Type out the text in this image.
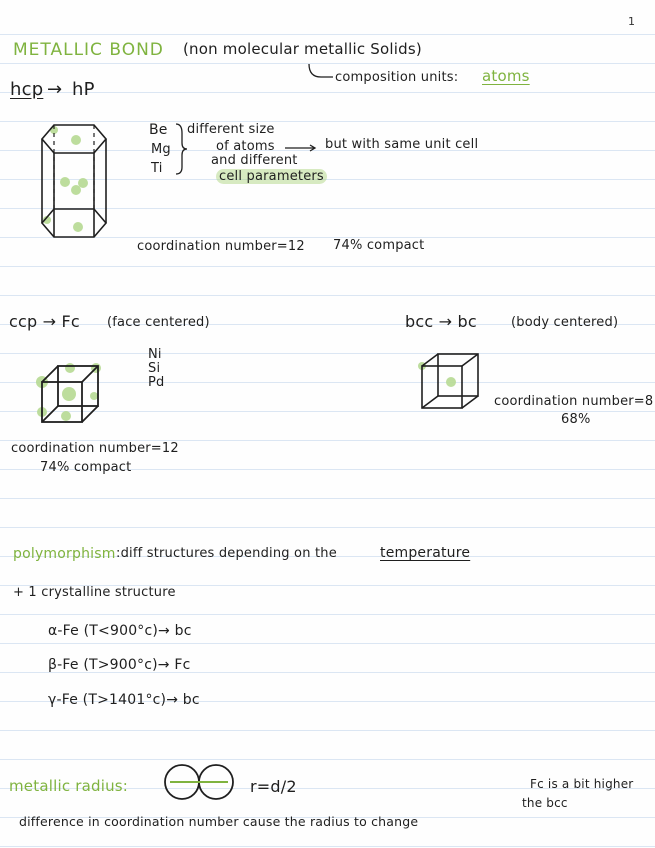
1
METALLIC BOND (non molecular metallic Solids)
composition units: atoms
hcp → hP
Be
Mg
Ti
different size
of atoms	but with same unit cell
and different
cell parameters
coordination number=12 74% compact
ccp → Fc (face centered)
Ni
Si
Pd
coordination number=12
74% compact
bcc → bc	(body centered)
coordination number=8
68%
polymorphism :diff structures depending on the	temperature
+ 1 crystalline structure
α-Fe (T<900°c)→ bc
β-Fe (T>900°c)→ Fc
γ-Fe (T>1401°c)→ bc
metallic radius:	r=d/2	Fc is a bit higher
the bcc
difference in coordination number cause the radius to change
